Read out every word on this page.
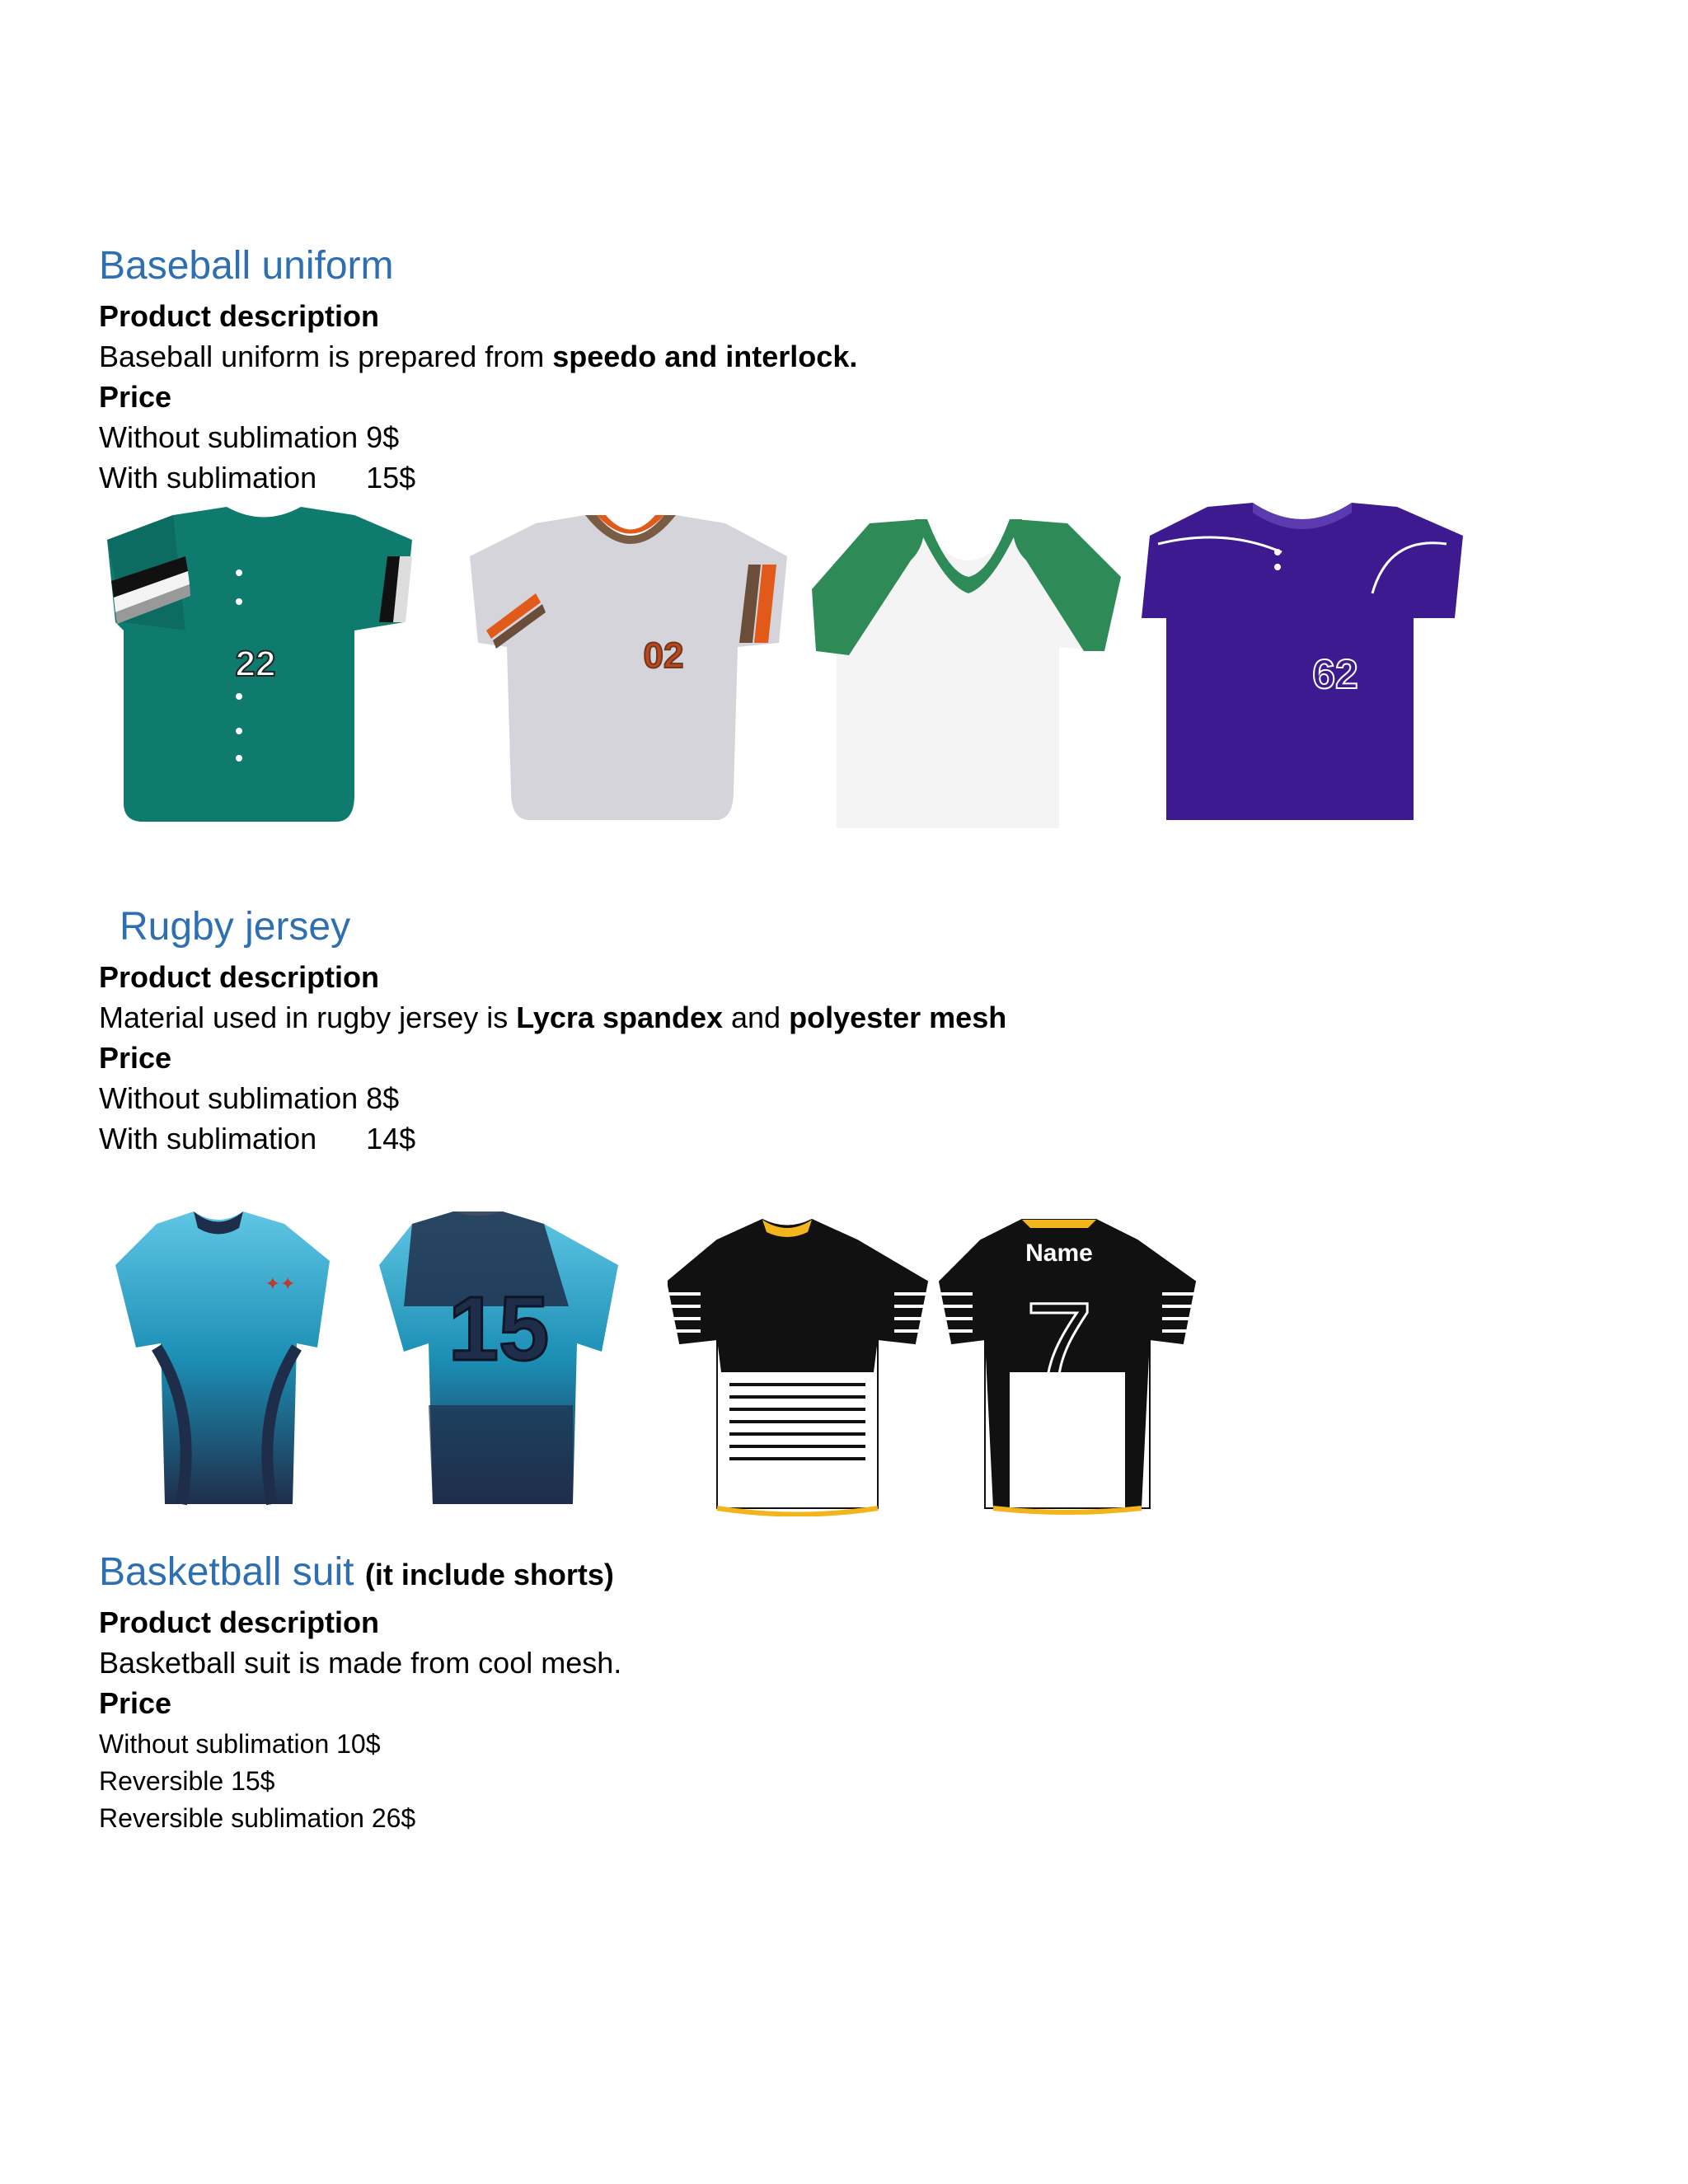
Baseball uniform
Product description
Baseball uniform is prepared from speedo and interlock.
Price
Without sublimation 9$
With sublimation 15$
22	02	62
Rugby jersey
Product description
Material used in rugby jersey is Lycra spandex and polyester mesh
Price
Without sublimation 8$
With sublimation 14$
✦✦ 15
Name
7
Basketball suit (it include shorts)
Product description
Basketball suit is made from cool mesh.
Price
Without sublimation 10$
Reversible 15$
Reversible sublimation 26$
